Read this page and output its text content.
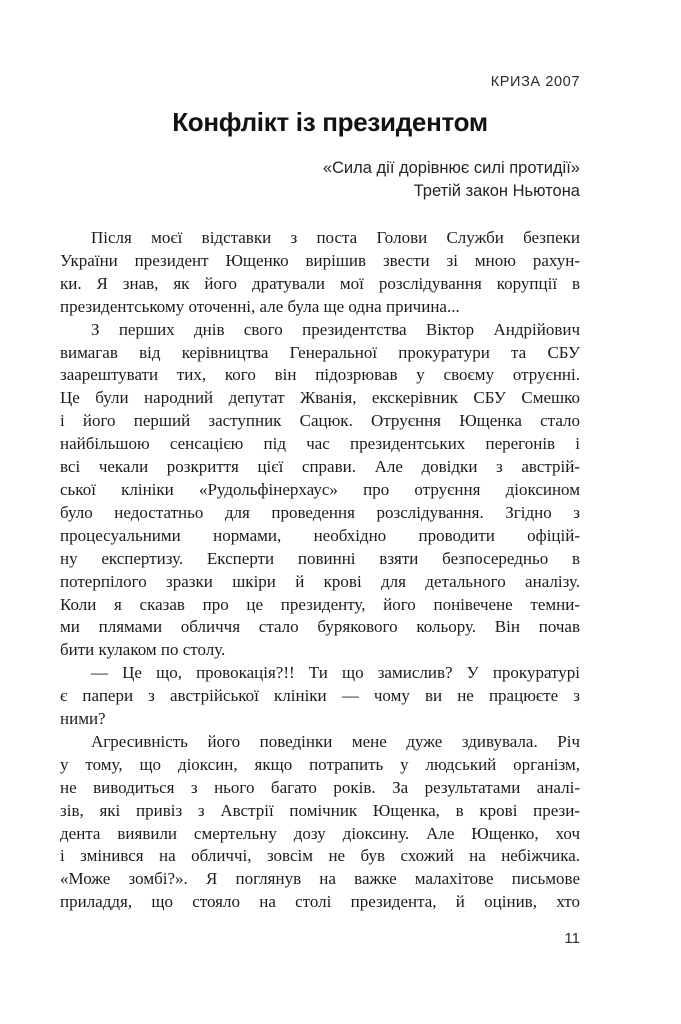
КРИЗА 2007
Конфлікт із президентом
«Сила дії дорівнює силі протидії»
Третій закон Ньютона
Після моєї відставки з поста Голови Служби безпеки
України президент Ющенко вирішив звести зі мною рахун-
ки. Я знав, як його дратували мої розслідування корупції в
президентському оточенні, але була ще одна причина...
З перших днів свого президентства Віктор Андрійович
вимагав від керівництва Генеральної прокуратури та СБУ
заарештувати тих, кого він підозрював у своєму отруєнні.
Це були народний депутат Жванія, екскерівник СБУ Смешко
і його перший заступник Сацюк. Отруєння Ющенка стало
найбільшою сенсацією під час президентських перегонів і
всі чекали розкриття цієї справи. Але довідки з австрій-
ської клініки «Рудольфінерхаус» про отруєння діоксином
було недостатньо для проведення розслідування. Згідно з
процесуальними нормами, необхідно проводити офіцій-
ну експертизу. Експерти повинні взяти безпосередньо в
потерпілого зразки шкіри й крові для детального аналізу.
Коли я сказав про це президенту, його понівечене темни-
ми плямами обличчя стало бурякового кольору. Він почав
бити кулаком по столу.
— Це що, провокація?!! Ти що замислив? У прокуратурі
є папери з австрійської клініки — чому ви не працюєте з
ними?
Агресивність його поведінки мене дуже здивувала. Річ
у тому, що діоксин, якщо потрапить у людський організм,
не виводиться з нього багато років. За результатами аналі-
зів, які привіз з Австрії помічник Ющенка, в крові прези-
дента виявили смертельну дозу діоксину. Але Ющенко, хоч
і змінився на обличчі, зовсім не був схожий на небіжчика.
«Може зомбі?». Я поглянув на важке малахітове письмове
приладдя, що стояло на столі президента, й оцінив, хто
11
